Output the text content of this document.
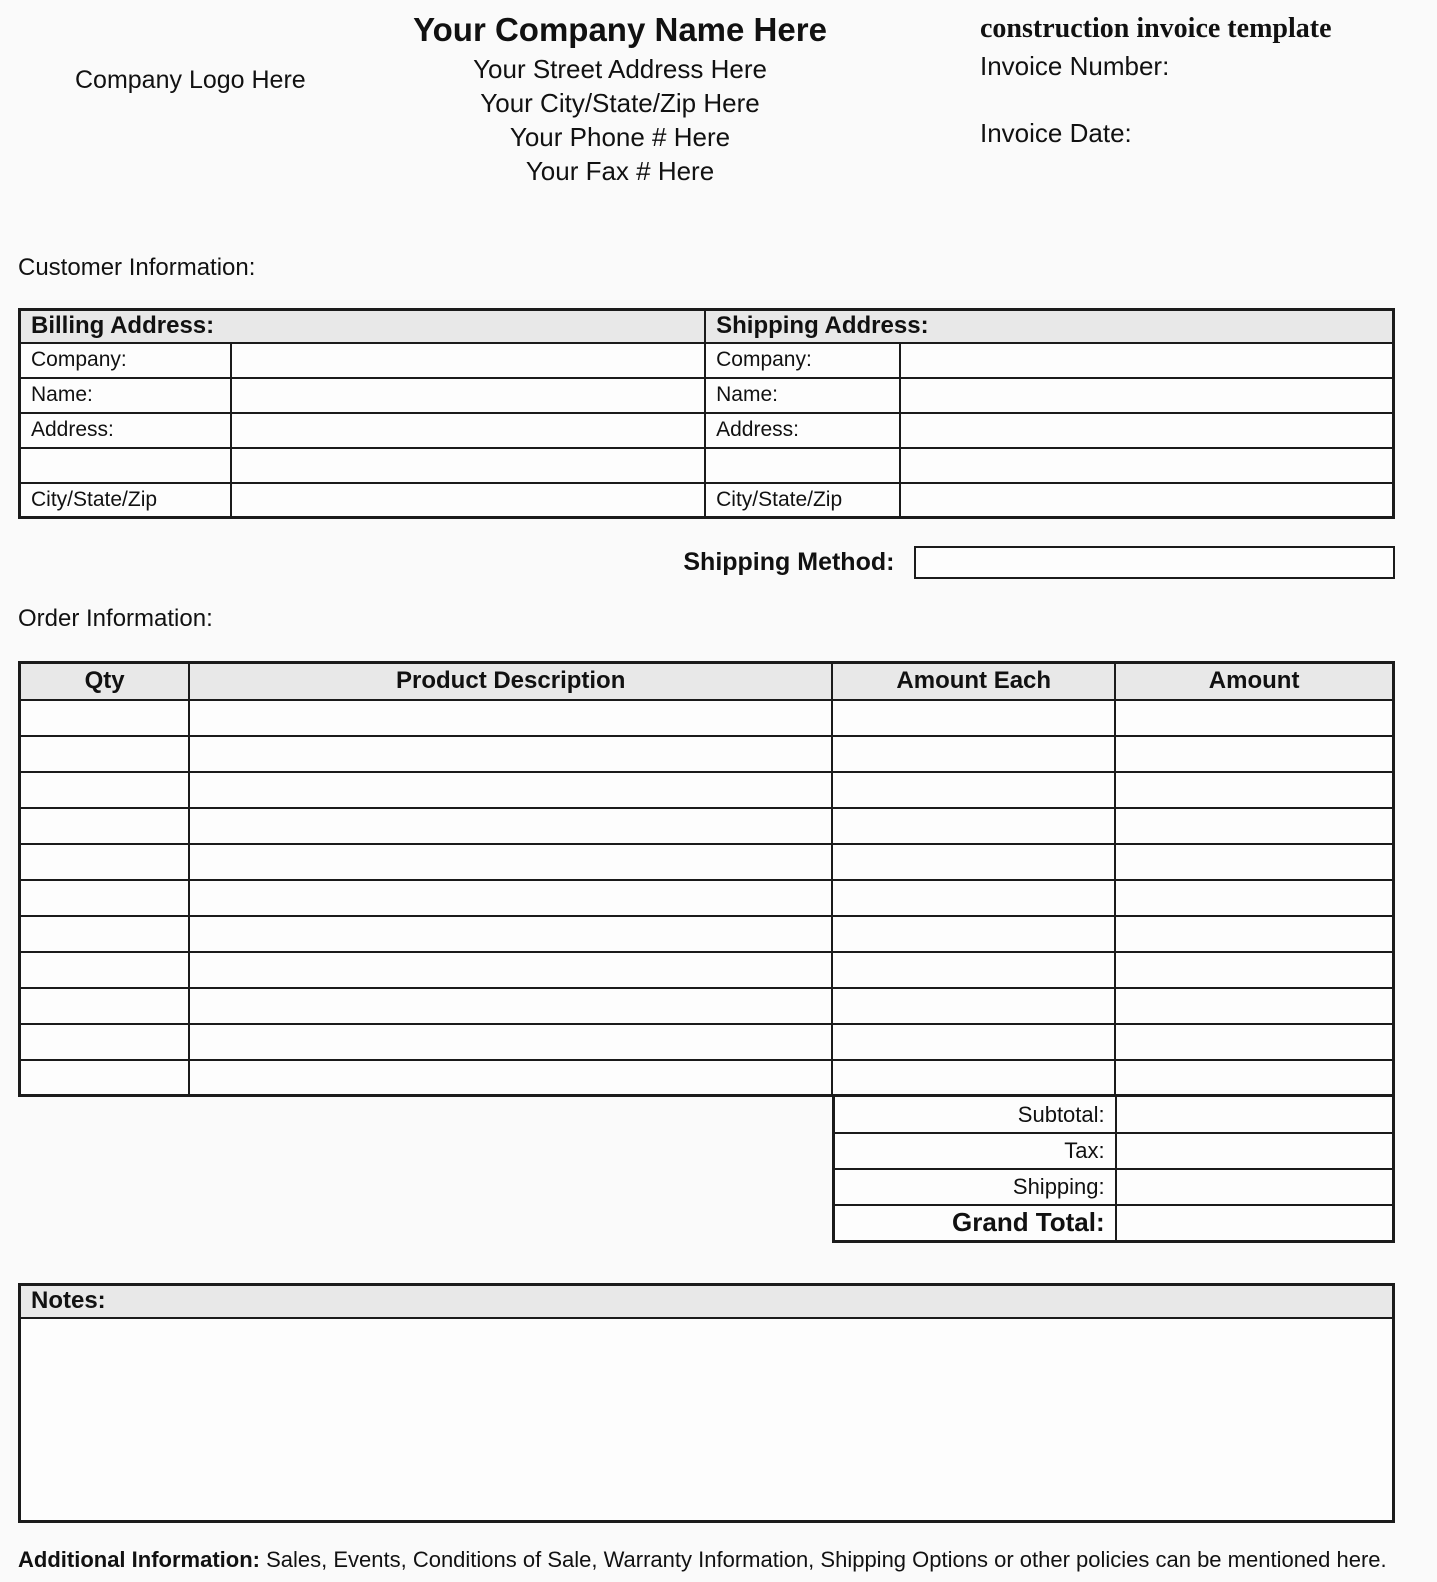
Company Logo Here
Your Company Name Here
Your Street Address Here
Your City/State/Zip Here
Your Phone # Here
Your Fax # Here
construction invoice template
Invoice Number:
Invoice Date:
Customer Information:
Billing Address:		Shipping Address:	
Company:		Company:	
Name:		Name:	
Address:		Address:	

City/State/Zip		City/State/Zip	
Shipping Method:
Order Information:
Qty	Product Description	Amount Each	Amount

Subtotal:	
Tax:	
Shipping:	
Grand Total:	
Notes:

Additional Information: Sales, Events, Conditions of Sale, Warranty Information, Shipping Options or other policies can be mentioned here.
